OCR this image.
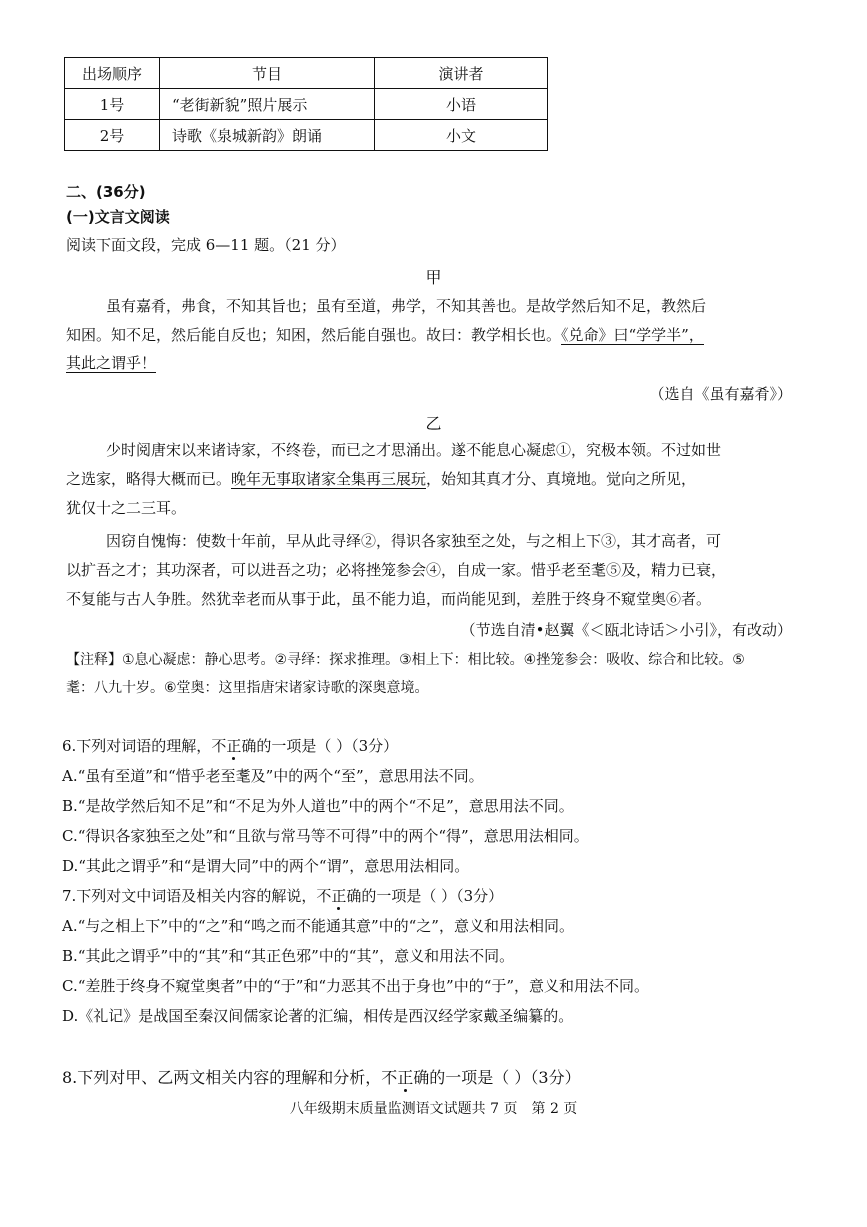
出场顺序	节目	演讲者
1号	“老街新貌”照片展示	小语
2号	诗歌《泉城新韵》朗诵	小文
二、(36分)
(一)文言文阅读
阅读下面文段，完成 6—11 题。（21 分）
甲
虽有嘉肴，弗食，不知其旨也；虽有至道，弗学，不知其善也。是故学然后知不足，教然后
知困。知不足，然后能自反也；知困，然后能自强也。故曰：教学相长也。《兑命》曰“学学半”，
其此之谓乎！
（选自《虽有嘉肴》）
乙
少时阅唐宋以来诸诗家，不终卷，而已之才思涌出。遂不能息心凝虑①，究极本领。不过如世
之选家，略得大概而已。晚年无事取诸家全集再三展玩，始知其真才分、真境地。觉向之所见，
犹仅十之二三耳。
因窃自愧悔：使数十年前，早从此寻绎②，得识各家独至之处，与之相上下③，其才高者，可
以扩吾之才；其功深者，可以进吾之功；必将挫笼参会④，自成一家。惜乎老至耄⑤及，精力已衰，
不复能与古人争胜。然犹幸老而从事于此，虽不能力追，而尚能见到，差胜于终身不窥堂奥⑥者。
（节选自清•赵翼《＜瓯北诗话＞小引》，有改动）
【注释】①息心凝虑：静心思考。②寻绎：探求推理。③相上下：相比较。④挫笼参会：吸收、综合和比较。⑤
耄：八九十岁。⑥堂奥：这里指唐宋诸家诗歌的深奥意境。
6.下列对词语的理解，不正确的一项是（ ）（3分）
A.“虽有至道”和“惜乎老至耄及”中的两个“至”，意思用法不同。
B.“是故学然后知不足”和“不足为外人道也”中的两个“不足”，意思用法不同。
C.“得识各家独至之处”和“且欲与常马等不可得”中的两个“得”，意思用法相同。
D.“其此之谓乎”和“是谓大同”中的两个“谓”，意思用法相同。
7.下列对文中词语及相关内容的解说，不正确的一项是（ ）（3分）
A.“与之相上下”中的“之”和“鸣之而不能通其意”中的“之”，意义和用法相同。
B.“其此之谓乎”中的“其”和“其正色邪”中的“其”，意义和用法不同。
C.“差胜于终身不窥堂奥者”中的“于”和“力恶其不出于身也”中的“于”，意义和用法不同。
D.《礼记》是战国至秦汉间儒家论著的汇编，相传是西汉经学家戴圣编纂的。
8.下列对甲、乙两文相关内容的理解和分析，不正确的一项是（ ）（3分）
八年级期末质量监测语文试题共 7 页　第 2 页
